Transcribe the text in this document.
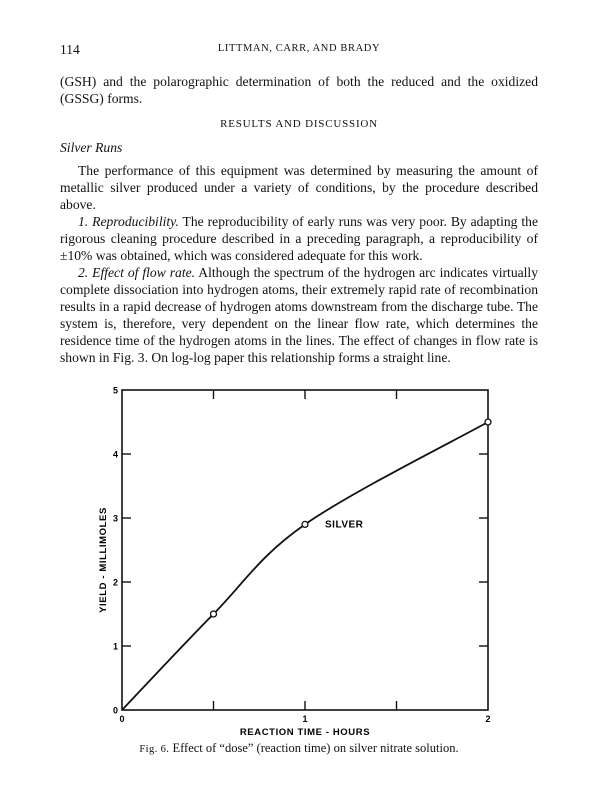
114	LITTMAN, CARR, AND BRADY

(GSH) and the polarographic determination of both the reduced and the oxidized (GSSG) forms.

RESULTS AND DISCUSSION
Silver Runs

The performance of this equipment was determined by measuring the amount of metallic silver produced under a variety of conditions, by the procedure described above.

1. Reproducibility. The reproducibility of early runs was very poor. By adapting the rigorous cleaning procedure described in a preceding paragraph, a reproducibility of ±10% was obtained, which was considered adequate for this work.

2. Effect of flow rate. Although the spectrum of the hydrogen arc indicates virtually complete dissociation into hydrogen atoms, their extremely rapid rate of recombination results in a rapid decrease of hydrogen atoms downstream from the discharge tube. The system is, therefore, very dependent on the linear flow rate, which determines the residence time of the hydrogen atoms in the lines. The effect of changes in flow rate is shown in Fig. 3. On log-log paper this relationship forms a straight line.

0
1
2
3
4
5
0	1	2
SILVER
REACTION TIME - HOURS
YIELD - MILLIMOLES
Fig. 6. Effect of “dose” (reaction time) on silver nitrate solution.
